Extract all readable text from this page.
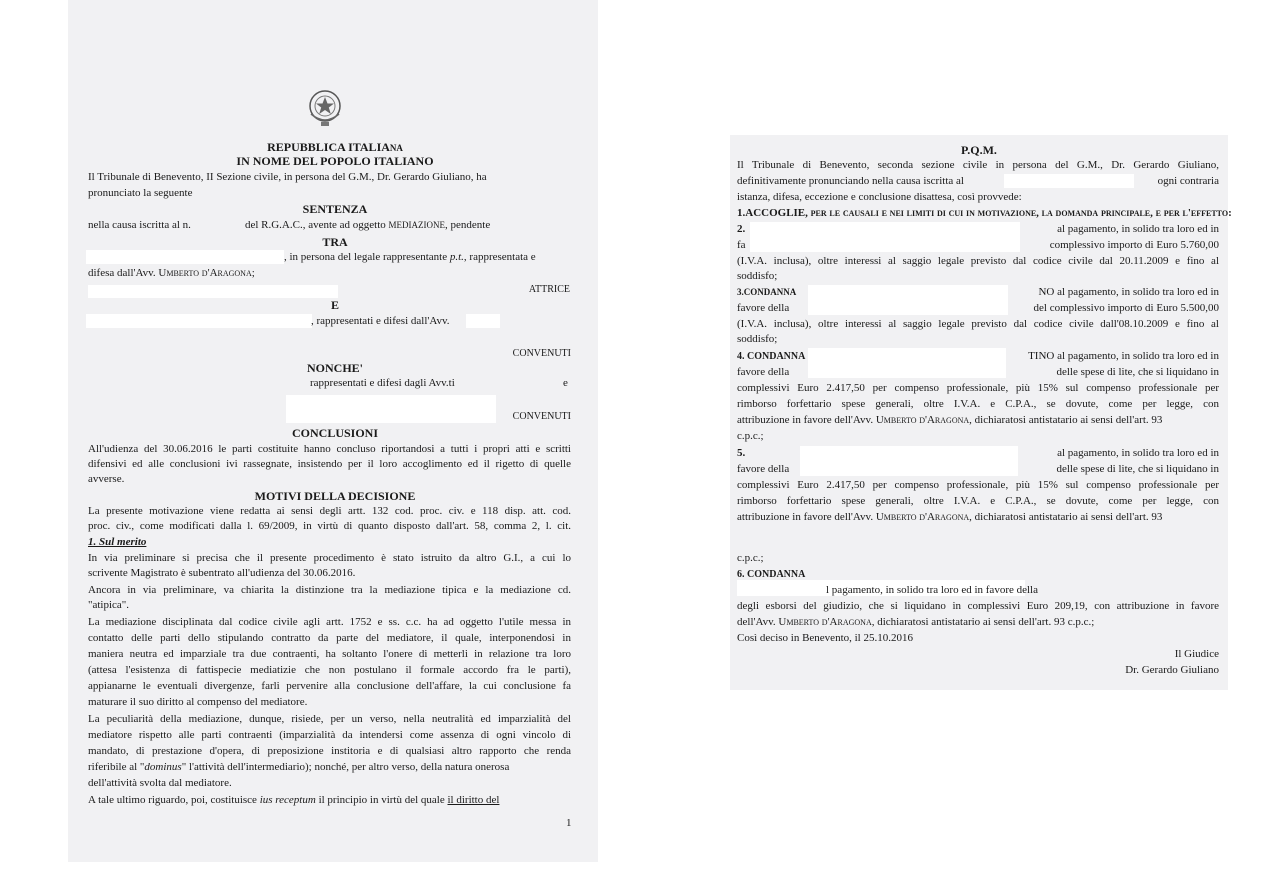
REPUBBLICA ITALIANA
IN NOME DEL POPOLO ITALIANO
Il Tribunale di Benevento, II Sezione civile, in persona del G.M., Dr. Gerardo Giuliano, ha
pronunciato la seguente
SENTENZA
nella causa iscritta al n.	del R.G.A.C., avente ad oggetto MEDIAZIONE, pendente
TRA
, in persona del legale rappresentante p.t., rappresentata e
difesa dall'Avv. Umberto d'Aragona;
ATTRICE
E
, rappresentati e difesi dall'Avv.
CONVENUTI
NONCHE'
rappresentati e difesi dagli Avv.ti	e
CONVENUTI
CONCLUSIONI
All'udienza del 30.06.2016 le parti costituite hanno concluso riportandosi a tutti i propri atti e scritti
difensivi ed alle conclusioni ivi rassegnate, insistendo per il loro accoglimento ed il rigetto di quelle
avverse.
MOTIVI DELLA DECISIONE
La presente motivazione viene redatta ai sensi degli artt. 132 cod. proc. civ. e 118 disp. att. cod.
proc. civ., come modificati dalla l. 69/2009, in virtù di quanto disposto dall'art. 58, comma 2, l. cit.
1. Sul merito
In via preliminare si precisa che il presente procedimento è stato istruito da altro G.I., a cui lo
scrivente Magistrato è subentrato all'udienza del 30.06.2016.
Ancora in via preliminare, va chiarita la distinzione tra la mediazione tipica e la mediazione cd.
"atipica".
La mediazione disciplinata dal codice civile agli artt. 1752 e ss. c.c. ha ad oggetto l'utile messa in
contatto delle parti dello stipulando contratto da parte del mediatore, il quale, interponendosi in
maniera neutra ed imparziale tra due contraenti, ha soltanto l'onere di metterli in relazione tra loro
(attesa l'esistenza di fattispecie mediatizie che non postulano il formale accordo fra le parti),
appianarne le eventuali divergenze, farli pervenire alla conclusione dell'affare, la cui conclusione fa
maturare il suo diritto al compenso del mediatore.
La peculiarità della mediazione, dunque, risiede, per un verso, nella neutralità ed imparzialità del
mediatore rispetto alle parti contraenti (imparzialità da intendersi come assenza di ogni vincolo di
mandato, di prestazione d'opera, di preposizione institoria e di qualsiasi altro rapporto che renda
riferibile al "dominus" l'attività dell'intermediario); nonché, per altro verso, della natura onerosa
dell'attività svolta dal mediatore.
A tale ultimo riguardo, poi, costituisce ius receptum il principio in virtù del quale il diritto del
1
P.Q.M.
Il Tribunale di Benevento, seconda sezione civile in persona del G.M., Dr. Gerardo Giuliano,
definitivamente pronunciando nella causa iscritta al	ogni contraria
istanza, difesa, eccezione e conclusione disattesa, così provvede:
1.ACCOGLIE, per le causali e nei limiti di cui in motivazione, la domanda principale, e per l'effetto:
2.	al pagamento, in solido tra loro ed in
fa	complessivo importo di Euro 5.760,00
(I.V.A. inclusa), oltre interessi al saggio legale previsto dal codice civile dal 20.11.2009 e fino al
soddisfo;
3.CONDANNA	NO al pagamento, in solido tra loro ed in
favore della	del complessivo importo di Euro 5.500,00
(I.V.A. inclusa), oltre interessi al saggio legale previsto dal codice civile dall'08.10.2009 e fino al
soddisfo;
4. CONDANNA	TINO al pagamento, in solido tra loro ed in
favore della	delle spese di lite, che si liquidano in
complessivi Euro 2.417,50 per compenso professionale, più 15% sul compenso professionale per
rimborso forfettario spese generali, oltre I.V.A. e C.P.A., se dovute, come per legge, con
attribuzione in favore dell'Avv. Umberto d'Aragona, dichiaratosi antistatario ai sensi dell'art. 93
c.p.c.;
5.	al pagamento, in solido tra loro ed in
favore della	delle spese di lite, che si liquidano in
complessivi Euro 2.417,50 per compenso professionale, più 15% sul compenso professionale per
rimborso forfettario spese generali, oltre I.V.A. e C.P.A., se dovute, come per legge, con
attribuzione in favore dell'Avv. Umberto d'Aragona, dichiaratosi antistatario ai sensi dell'art. 93
c.p.c.;
6. CONDANNA
l pagamento, in solido tra loro ed in favore della
degli esborsi del giudizio, che si liquidano in complessivi Euro 209,19, con attribuzione in favore
dell'Avv. Umberto d'Aragona, dichiaratosi antistatario ai sensi dell'art. 93 c.p.c.;
Così deciso in Benevento, il 25.10.2016
Il Giudice
Dr. Gerardo Giuliano
